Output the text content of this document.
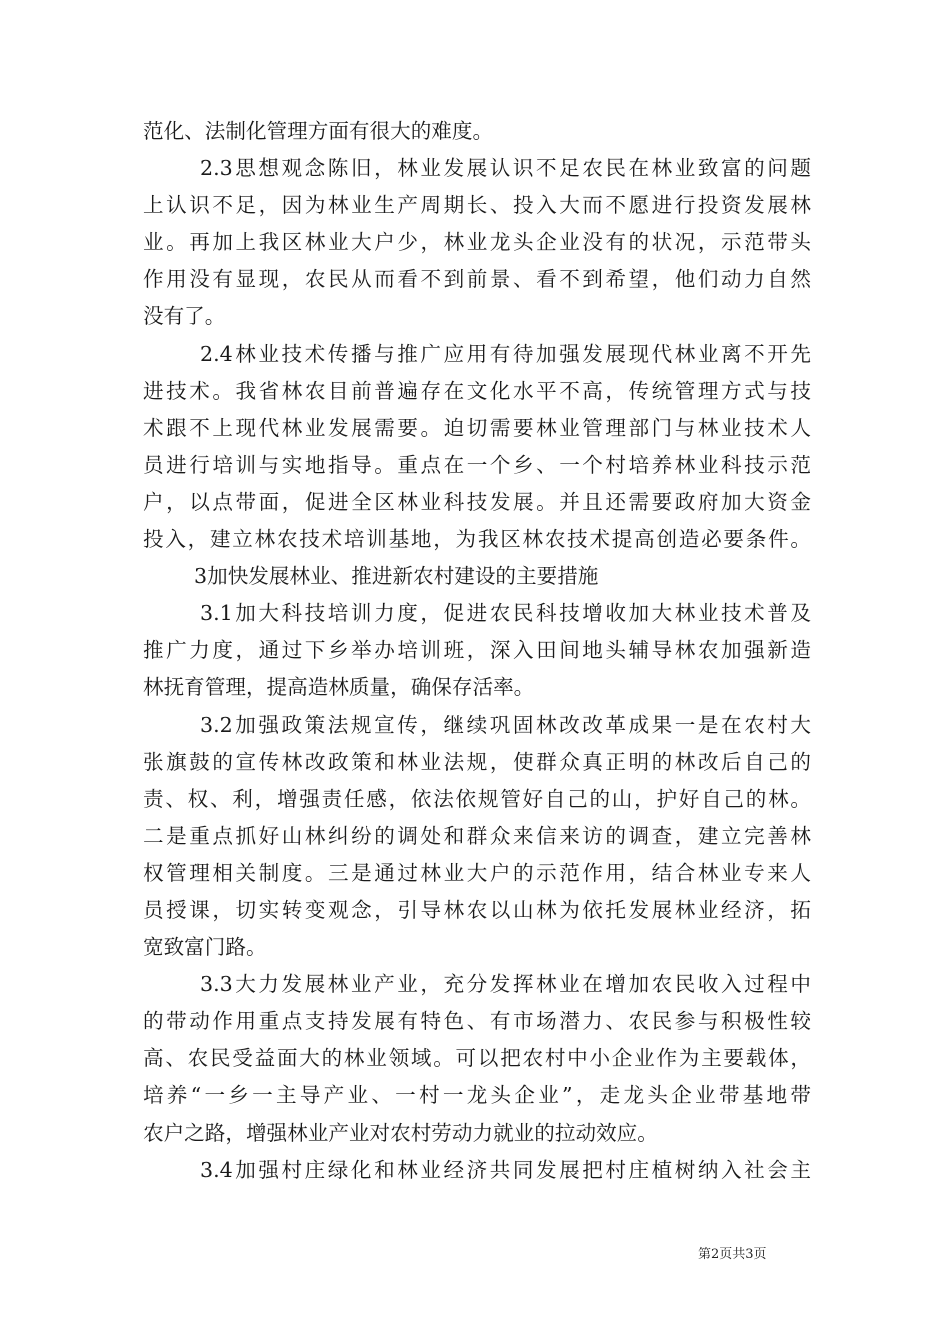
范化、法制化管理方面有很大的难度。
2.3思想观念陈旧，林业发展认识不足农民在林业致富的问题
上认识不足，因为林业生产周期长、投入大而不愿进行投资发展林
业。再加上我区林业大户少，林业龙头企业没有的状况，示范带头
作用没有显现，农民从而看不到前景、看不到希望，他们动力自然
没有了。
2.4林业技术传播与推广应用有待加强发展现代林业离不开先
进技术。我省林农目前普遍存在文化水平不高，传统管理方式与技
术跟不上现代林业发展需要。迫切需要林业管理部门与林业技术人
员进行培训与实地指导。重点在一个乡、一个村培养林业科技示范
户，以点带面，促进全区林业科技发展。并且还需要政府加大资金
投入，建立林农技术培训基地，为我区林农技术提高创造必要条件。
3加快发展林业、推进新农村建设的主要措施
3.1加大科技培训力度，促进农民科技增收加大林业技术普及
推广力度，通过下乡举办培训班，深入田间地头辅导林农加强新造
林抚育管理，提高造林质量，确保存活率。
3.2加强政策法规宣传，继续巩固林改改革成果一是在农村大
张旗鼓的宣传林改政策和林业法规，使群众真正明的林改后自己的
责、权、利，增强责任感，依法依规管好自己的山，护好自己的林。
二是重点抓好山林纠纷的调处和群众来信来访的调查，建立完善林
权管理相关制度。三是通过林业大户的示范作用，结合林业专来人
员授课，切实转变观念，引导林农以山林为依托发展林业经济，拓
宽致富门路。
3.3大力发展林业产业，充分发挥林业在增加农民收入过程中
的带动作用重点支持发展有特色、有市场潜力、农民参与积极性较
高、农民受益面大的林业领域。可以把农村中小企业作为主要载体，
培养“一乡一主导产业、一村一龙头企业”，走龙头企业带基地带
农户之路，增强林业产业对农村劳动力就业的拉动效应。
3.4加强村庄绿化和林业经济共同发展把村庄植树纳入社会主
第2页共3页
